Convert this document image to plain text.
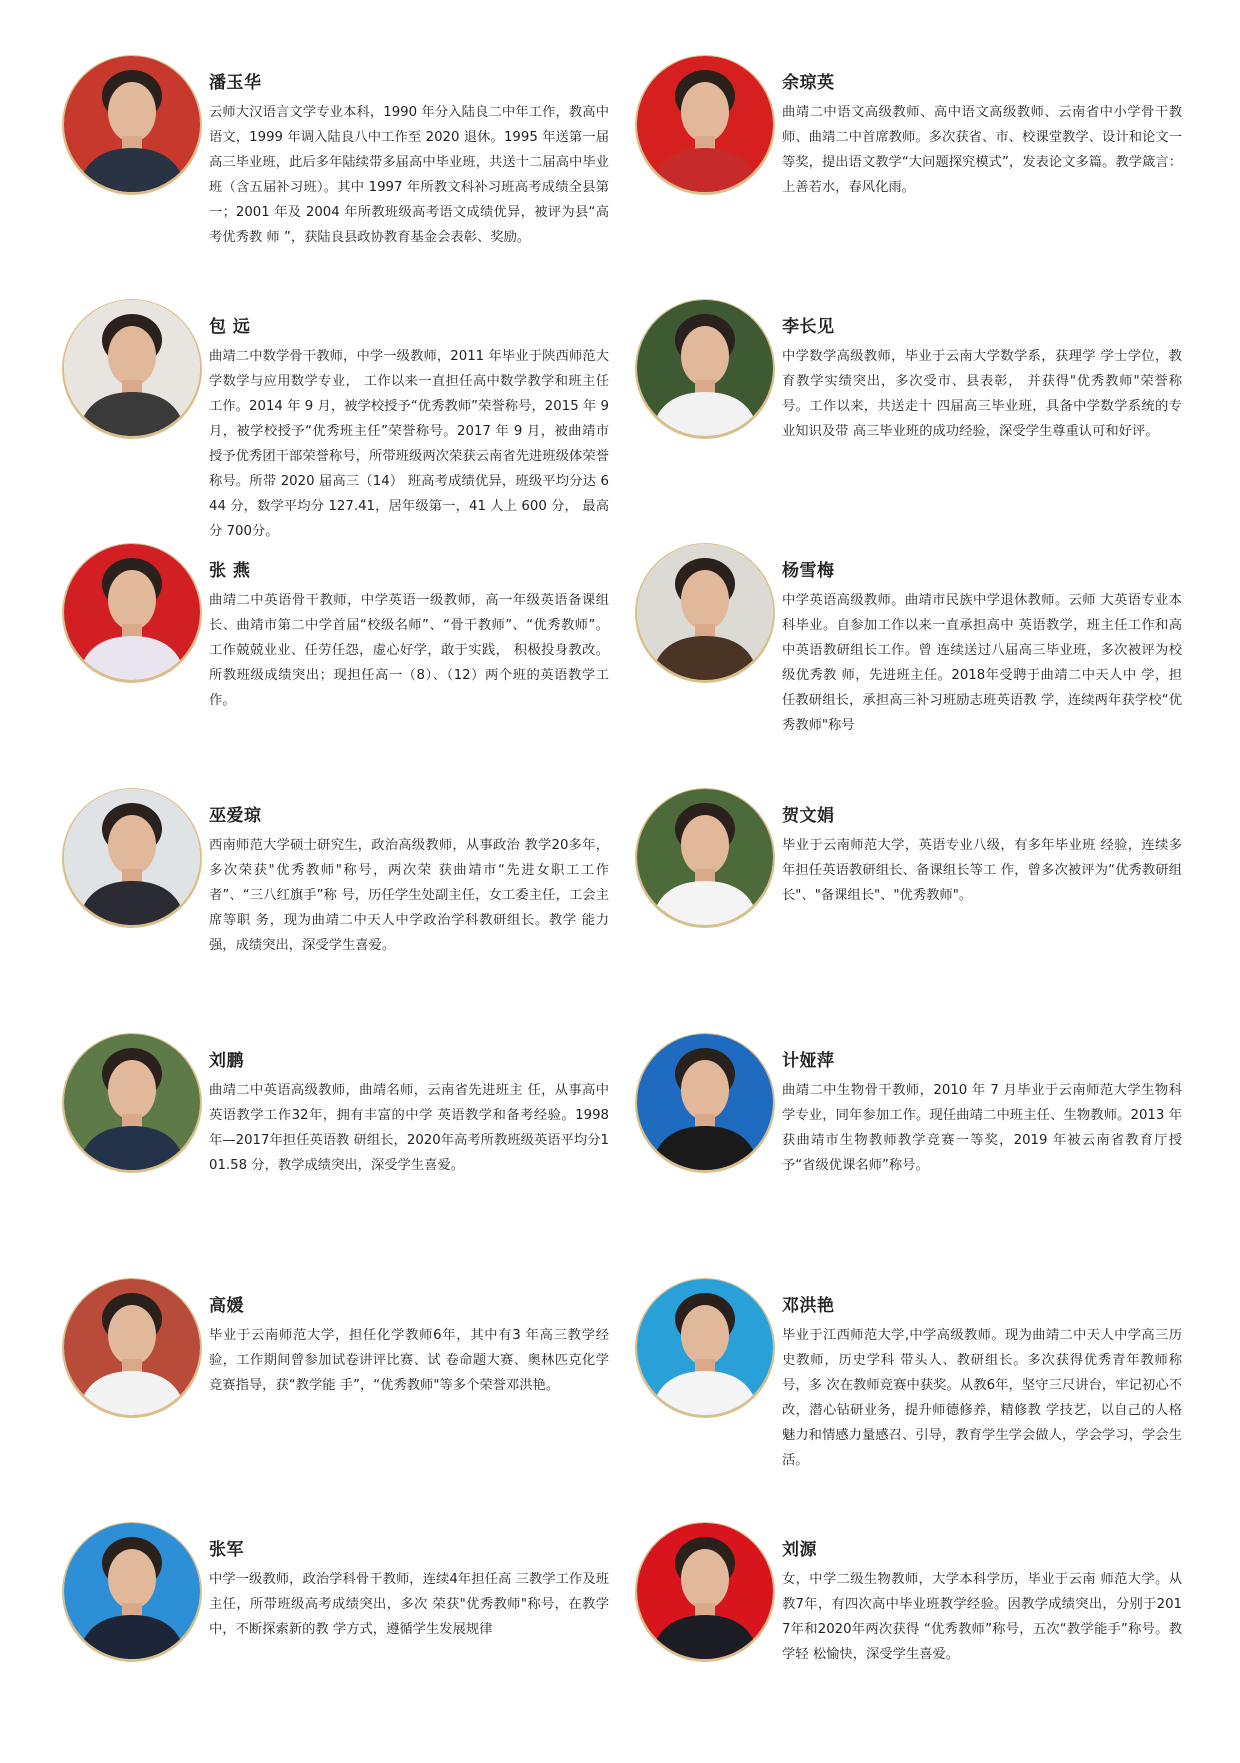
潘玉华
云师大汉语言文学专业本科，1990 年分入陆良二中年工作，教高中语文，1999 年调入陆良八中工作至 2020 退休。1995 年送第一届高三毕业班，此后多年陆续带多届高中毕业班，共送十二届高中毕业班（含五届补习班）。其中 1997 年所教文科补习班高考成绩全县第一；2001 年及 2004 年所教班级高考语文成绩优异，被评为县“高考优秀教 师 ”，获陆良县政协教育基金会表彰、奖励。
余琼英
曲靖二中语文高级教师、高中语文高级教师、云南省中小学骨干教师、曲靖二中首席教师。多次获省、市、校课堂教学、设计和论文一等奖，提出语文教学“大问题探究模式”，发表论文多篇。教学箴言：上善若水，春风化雨。
包 远
曲靖二中数学骨干教师，中学一级教师，2011 年毕业于陕西师范大学数学与应用数学专业， 工作以来一直担任高中数学教学和班主任工作。2014 年 9 月，被学校授予“优秀教师”荣誉称号，2015 年 9 月，被学校授予“优秀班主任”荣誉称号。2017 年 9 月，被曲靖市授予优秀团干部荣誉称号，所带班级两次荣获云南省先进班级体荣誉称号。所带 2020 届高三（14） 班高考成绩优异，班级平均分达 644 分，数学平均分 127.41，居年级第一，41 人上 600 分， 最高分 700分。
李长见
中学数学高级教师，毕业于云南大学数学系，获理学 学士学位，教育教学实绩突出，多次受市、县表彰， 并获得"优秀教师"荣誉称号。工作以来，共送走十 四届高三毕业班，具备中学数学系统的专业知识及带 高三毕业班的成功经验，深受学生尊重认可和好评。
张 燕
曲靖二中英语骨干教师，中学英语一级教师，高一年级英语备课组长、曲靖市第二中学首届“校级名师”、“骨干教师”、“优秀教师”。工作兢兢业业、任劳任怨，虚心好学，敢于实践， 积极投身教改。所教班级成绩突出；现担任高一（8）、（12）两个班的英语教学工作。
杨雪梅
中学英语高级教师。曲靖市民族中学退休教师。云师 大英语专业本科毕业。自参加工作以来一直承担高中 英语教学，班主任工作和高中英语教研组长工作。曾 连续送过八届高三毕业班，多次被评为校级优秀教 师，先进班主任。2018年受聘于曲靖二中天人中 学，担任教研组长，承担高三补习班励志班英语教 学，连续两年获学校“优秀教师"称号
巫爱琼
西南师范大学硕士研究生，政治高级教师，从事政治 教学20多年，多次荣获"优秀教师"称号，两次荣 获曲靖市“先进女职工工作者”、“三八红旗手”称 号，历任学生处副主任，女工委主任，工会主席等职 务，现为曲靖二中天人中学政治学科教研组长。教学 能力强，成绩突出，深受学生喜爱。
贺文娟
毕业于云南师范大学，英语专业八级，有多年毕业班 经验，连续多年担任英语教研组长、备课组长等工 作，曾多次被评为“优秀教研组长"、"备课组长"、"优秀教师"。
刘鹏
曲靖二中英语高级教师，曲靖名师，云南省先进班主 任，从事高中英语教学工作32年，拥有丰富的中学 英语教学和备考经验。1998年—2017年担任英语教 研组长，2020年高考所教班级英语平均分101.58 分，教学成绩突出，深受学生喜爱。
计娅萍
曲靖二中生物骨干教师，2010 年 7 月毕业于云南师范大学生物科学专业，同年参加工作。现任曲靖二中班主任、生物教师。2013 年获曲靖市生物教师教学竞赛一等奖，2019 年被云南省教育厅授予“省级优课名师”称号。
高媛
毕业于云南师范大学，担任化学教师6年，其中有3 年高三教学经验，工作期间曾参加试卷讲评比赛、试 卷命题大赛、奥林匹克化学竞赛指导，获“教学能 手”，“优秀教师"等多个荣誉邓洪艳。
邓洪艳
毕业于江西师范大学,中学高级教师。现为曲靖二中天人中学高三历史教师，历史学科 带头人、教研组长。多次获得优秀青年教师称号，多 次在教师竞赛中获奖。从教6年，坚守三尺讲台，牢记初心不改，潜心钻研业务，提升师德修养，精修教 学技艺，以自己的人格魅力和情感力量感召、引导，教育学生学会做人，学会学习，学会生活。
张军
中学一级教师，政治学科骨干教师，连续4年担任高 三教学工作及班主任，所带班级高考成绩突出，多次 荣获"优秀教师"称号，在教学中，不断探索新的教 学方式，遵循学生发展规律
刘源
女，中学二级生物教师，大学本科学历，毕业于云南 师范大学。从教7年，有四次高中毕业班教学经验。因教学成绩突出，分别于2017年和2020年两次获得 “优秀教师”称号，五次“教学能手”称号。教学轻 松愉快，深受学生喜爱。
